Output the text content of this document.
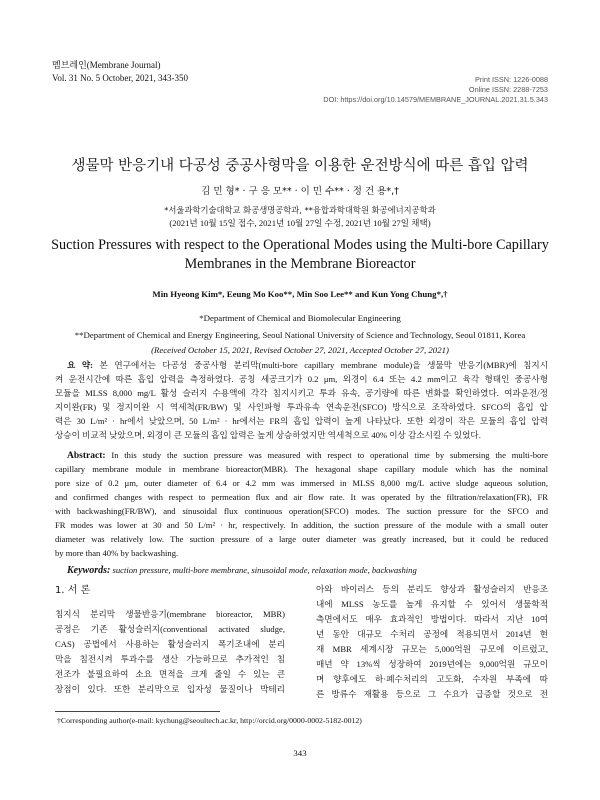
멤브레인(Membrane Journal)
Vol. 31 No. 5 October, 2021, 343-350	Print ISSN: 1226-0088
Online ISSN: 2288-7253
DOI: https://doi.org/10.14579/MEMBRANE_JOURNAL.2021.31.5.343
생물막 반응기내 다공성 중공사형막을 이용한 운전방식에 따른 흡입 압력
김 민 형* · 구 응 모** · 이 민 수** · 정 건 용*,†
*서울과학기술대학교 화공생명공학과, **융합과학대학원 화공에너지공학과
(2021년 10월 15일 접수, 2021년 10월 27일 수정, 2021년 10월 27일 채택)
Suction Pressures with respect to the Operational Modes using the Multi-bore Capillary
Membranes in the Membrane Bioreactor
Min Hyeong Kim*, Eeung Mo Koo**, Min Soo Lee** and Kun Yong Chung*,†
*Department of Chemical and Biomolecular Engineering
**Department of Chemical and Energy Engineering, Seoul National University of Science and Technology, Seoul 01811, Korea
(Received October 15, 2021, Revised October 27, 2021, Accepted October 27, 2021)
요 약: 본 연구에서는 다공성 중공사형 분리막(multi-bore capillary membrane module)을 생물막 반응기(MBR)에 침지시
켜 운전시간에 따른 흡입 압력을 측정하였다. 공칭 세공크기가 0.2 μm, 외경이 6.4 또는 4.2 mm이고 육각 형태인 중공사형
모듈을 MLSS 8,000 mg/L 활성 슬러지 수용액에 각각 침지시키고 투과 유속, 공기량에 따른 변화를 확인하였다. 여과운전/정
지이완(FR) 및 정지이완 시 역세척(FR/BW) 및 사인파형 투과유속 연속운전(SFCO) 방식으로 조작하였다. SFCO의 흡입 압
력은 30 L/m² · hr에서 낮았으며, 50 L/m² · hr에서는 FR의 흡입 압력이 높게 나타났다. 또한 외경이 작은 모듈의 흡입 압력
상승이 비교적 낮았으며, 외경이 큰 모듈의 흡입 압력은 높게 상승하였지만 역세척으로 40% 이상 감소시킬 수 있었다.
Abstract: In this study the suction pressure was measured with respect to operational time by submersing the multi-bore
capillary membrane module in membrane bioreactor(MBR). The hexagonal shape capillary module which has the nominal
pore size of 0.2 μm, outer diameter of 6.4 or 4.2 mm was immersed in MLSS 8,000 mg/L active sludge aqueous solution,
and confirmed changes with respect to permeation flux and air flow rate. It was operated by the filtration/relaxation(FR), FR
with backwashing(FR/BW), and sinusoidal flux continuous operation(SFCO) modes. The suction pressure for the SFCO and
FR modes was lower at 30 and 50 L/m² · hr, respectively. In addition, the suction pressure of the module with a small outer
diameter was relatively low. The suction pressure of a large outer diameter was greatly increased, but it could be reduced
by more than 40% by backwashing.
Keywords: suction pressure, multi-bore membrane, sinusoidal mode, relaxation mode, backwashing
1. 서 론
침지식 분리막 생물반응기(membrane bioreactor, MBR)
공정은 기존 활성슬러지(conventional activated sludge,
CAS) 공법에서 사용하는 활성슬러지 폭기조내에 분리
막을 침전시켜 투과수를 생산 가능하므로 추가적인 침
전조가 불필요하여 소요 면적을 크게 줄일 수 있는 큰
장점이 있다. 또한 분리막으로 입자성 물질이나 박테리
아와 바이러스 등의 분리도 향상과 활성슬러지 반응조
내에 MLSS 농도를 높게 유지할 수 있어서 생물학적
측면에서도 매우 효과적인 방법이다. 따라서 지난 10여
년 동안 대규모 수처리 공정에 적용되면서 2014년 현
재 MBR 세계시장 규모는 5,000억원 규모에 이르렀고,
매년 약 13%씩 성장하여 2019년에는 9,000억원 규모이
며 향후에도 하·폐수처리의 고도화, 수자원 부족에 따
른 방류수 재활용 등으로 그 수요가 급증할 것으로 전
†Corresponding author(e-mail: kychung@seoultech.ac.kr, http://orcid.org/0000-0002-5182-0012)
343
